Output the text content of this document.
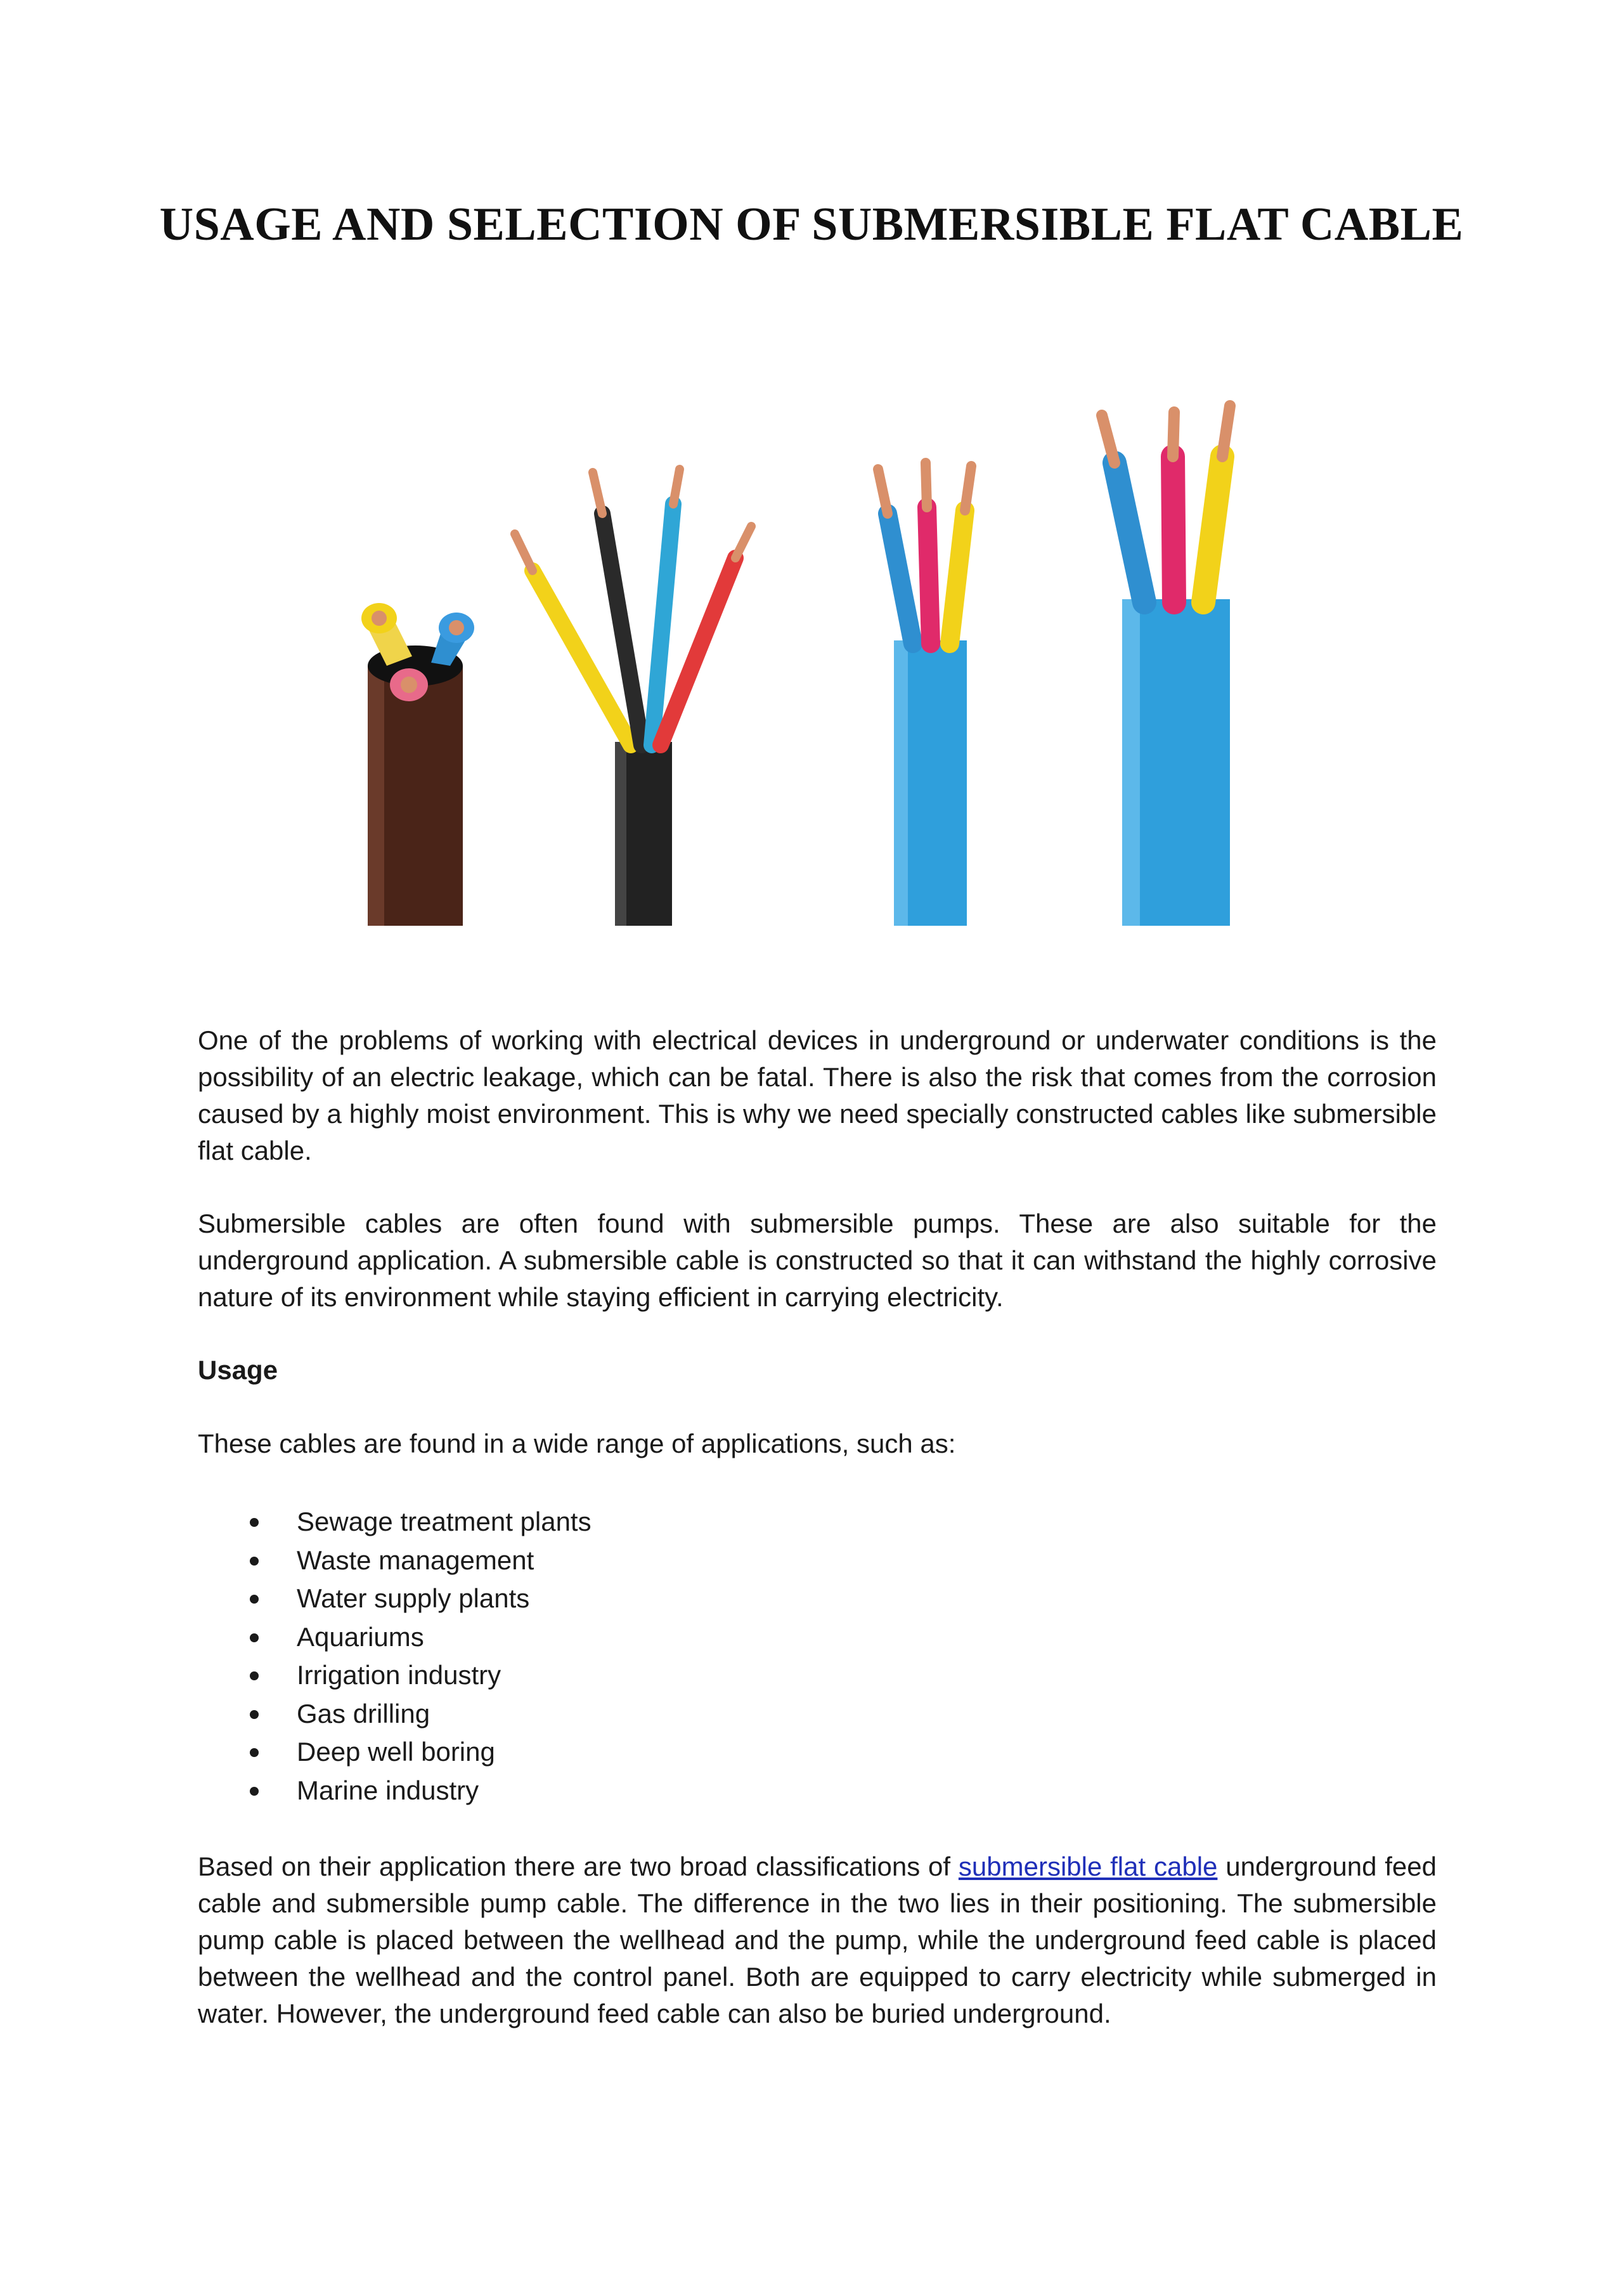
USAGE AND SELECTION OF SUBMERSIBLE FLAT CABLE

One of the problems of working with electrical devices in underground or underwater conditions is the possibility of an electric leakage, which can be fatal. There is also the risk that comes from the corrosion caused by a highly moist environment. This is why we need specially constructed cables like submersible flat cable.

Submersible cables are often found with submersible pumps. These are also suitable for the underground application. A submersible cable is constructed so that it can withstand the highly corrosive nature of its environment while staying efficient in carrying electricity.

Usage

These cables are found in a wide range of applications, such as:

Sewage treatment plants
Waste management
Water supply plants
Aquariums
Irrigation industry
Gas drilling
Deep well boring
Marine industry

Based on their application there are two broad classifications of submersible flat cable underground feed cable and submersible pump cable. The difference in the two lies in their positioning. The submersible pump cable is placed between the wellhead and the pump, while the underground feed cable is placed between the wellhead and the control panel. Both are equipped to carry electricity while submerged in water. However, the underground feed cable can also be buried underground.
